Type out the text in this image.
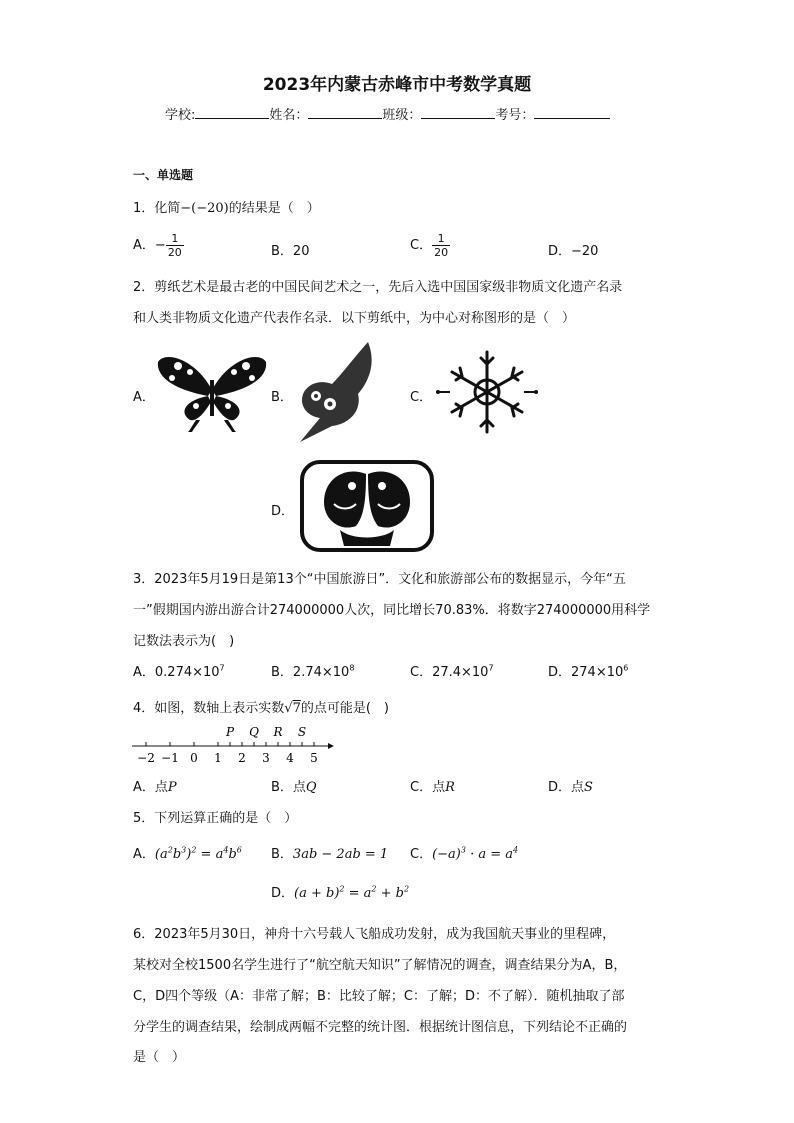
2023年内蒙古赤峰市中考数学真题
学校:	姓名：	班级：	考号：
一、单选题
1．化简−(−20)的结果是（　）
A．− $\frac{1}{20}$	B．20	C． $\frac{1}{20}$	D．−20
2．剪纸艺术是最古老的中国民间艺术之一，先后入选中国国家级非物质文化遗产名录
和人类非物质文化遗产代表作名录．以下剪纸中，为中心对称图形的是（　）
A．	B．	C．
D．
3．2023年5月19日是第13个“中国旅游日”．文化和旅游部公布的数据显示，今年“五
一”假期国内游出游合计274000000人次，同比增长70.83%．将数字274000000用科学
记数法表示为(　)
A．$0.274\times 10^7$	B．$2.74\times 10^8$	C．$27.4\times 10^7$	D．$274\times 10^6$
4．如图，数轴上表示实数√7的点可能是(　)
−2 −1 0 1 2 3 4 5
P Q R S
A．点P	B．点Q	C．点R	D．点S
5．下列运算正确的是（　）
A．$(a^2b^3)^2 = a^4b^6$ B．3ab − 2ab = 1 C．$(-a)^3 \cdot a = a^4$
D．$(a + b)^2 = a^2 + b^2$
6．2023年5月30日，神舟十六号载人飞船成功发射，成为我国航天事业的里程碑，
某校对全校1500名学生进行了“航空航天知识”了解情况的调查，调查结果分为A，B，
C，D四个等级（A：非常了解；B：比较了解；C：了解；D：不了解）．随机抽取了部
分学生的调查结果，绘制成两幅不完整的统计图．根据统计图信息，下列结论不正确的
是（　）
